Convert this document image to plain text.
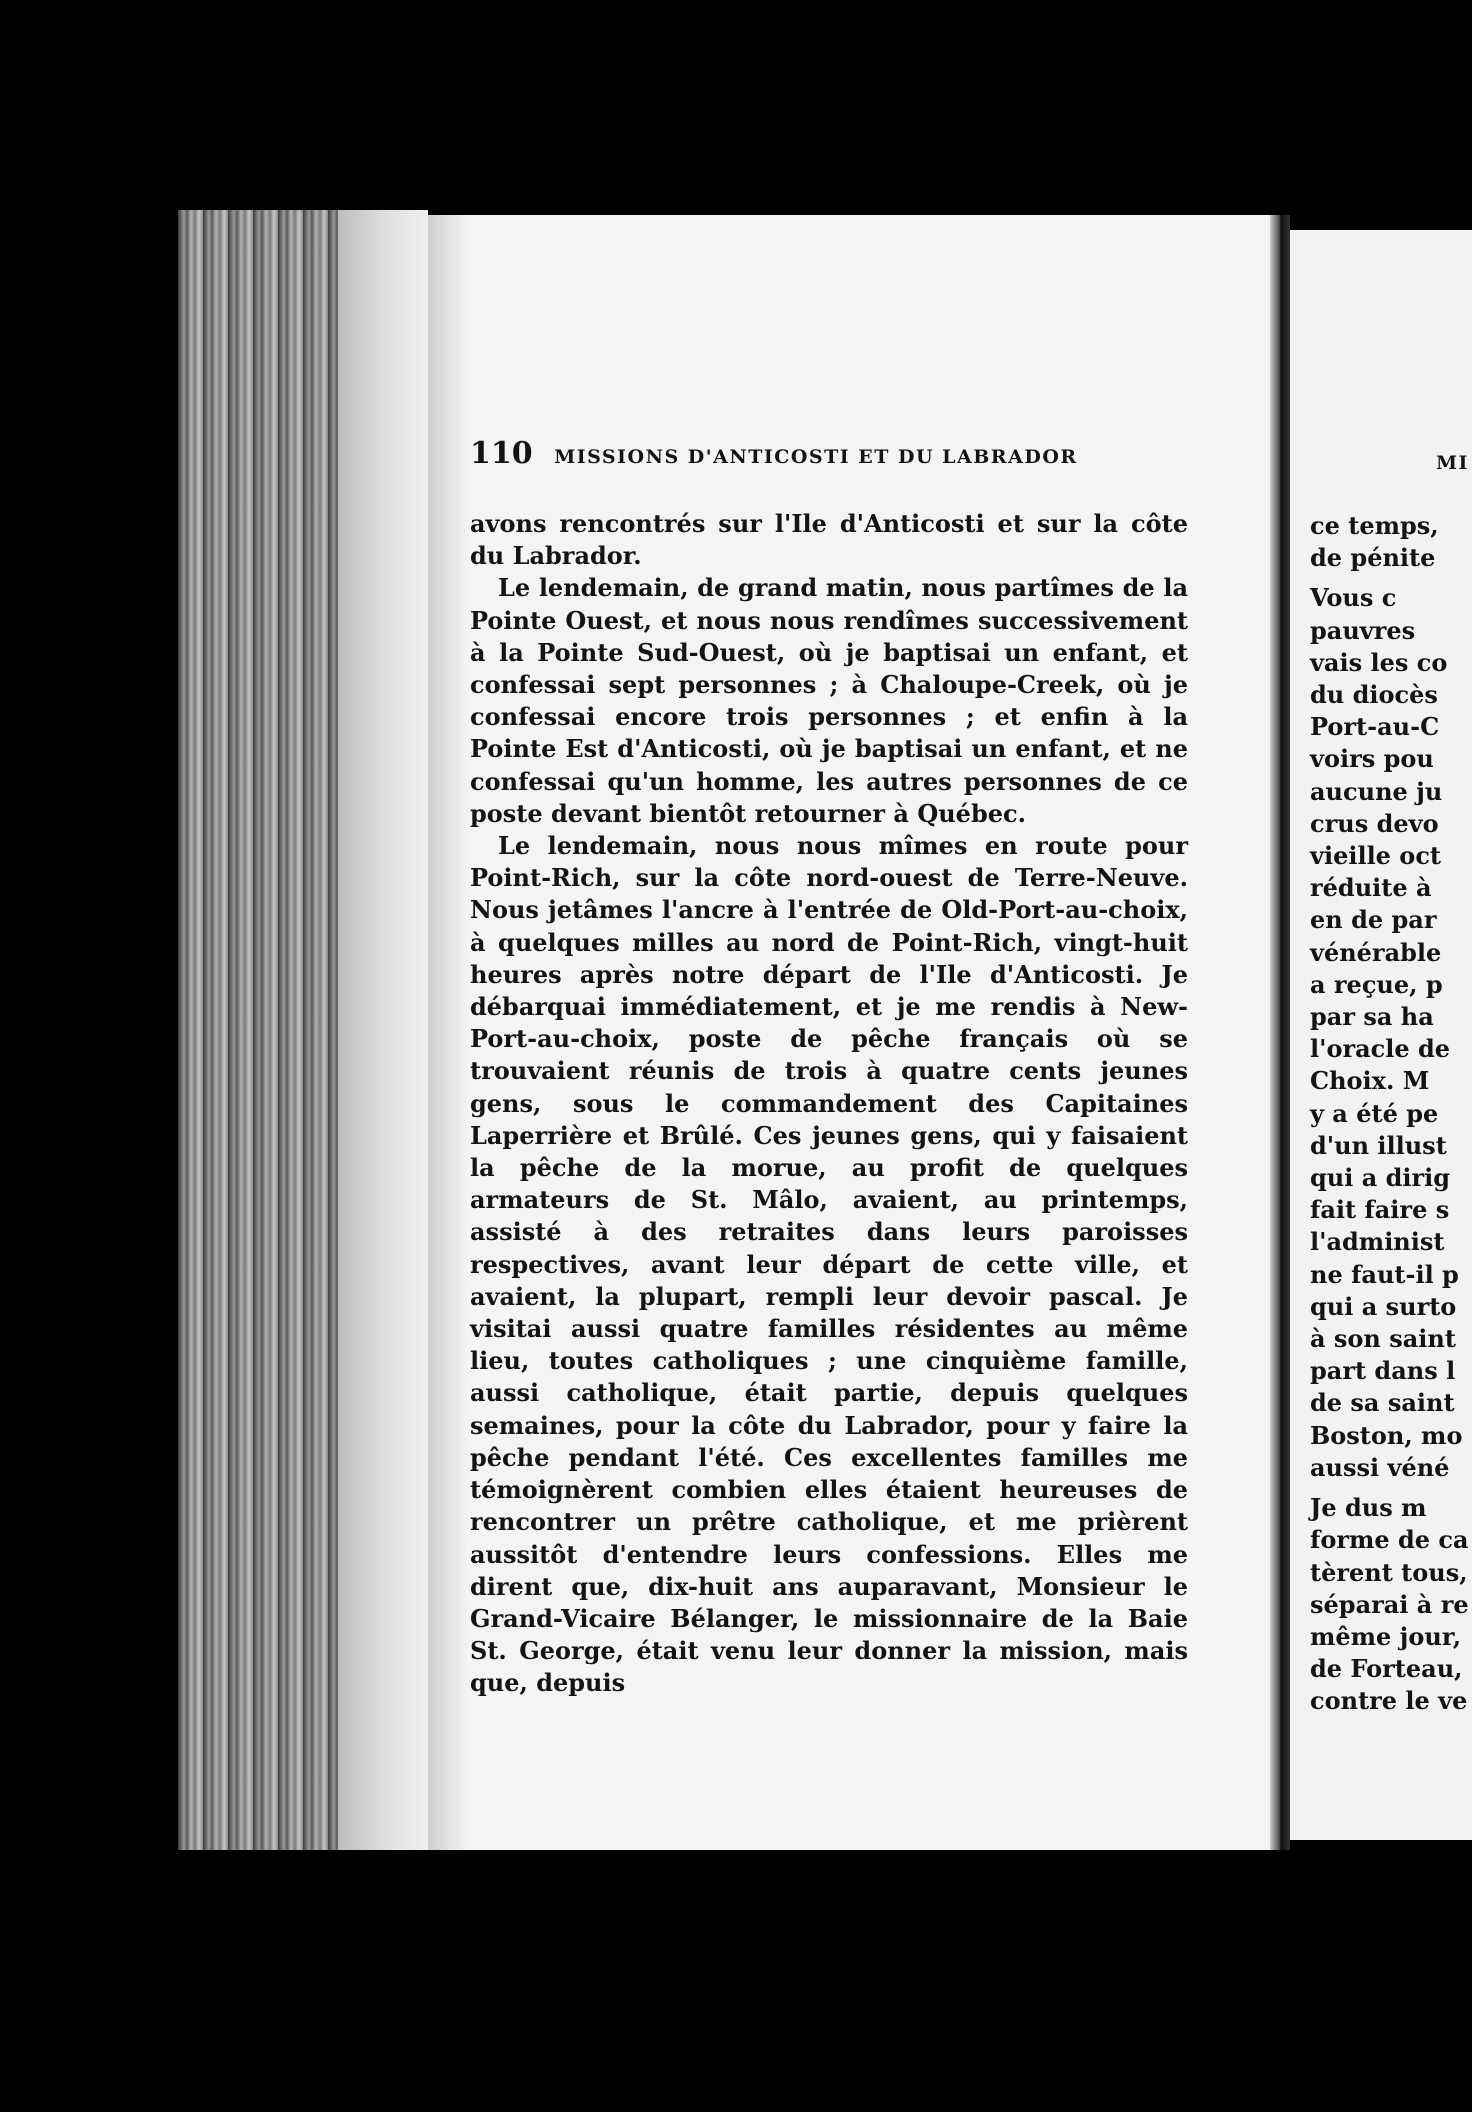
MI
ce temps,
de pénite
Vous c
pauvres
vais les co
du diocès
Port-au-C
voirs pou
aucune ju
crus devo
vieille oct
réduite à
en de par
vénérable
a reçue, p
par sa ha
l'oracle de
Choix. M
y a été pe
d'un illust
qui a dirig
fait faire s
l'administ
ne faut-il p
qui a surto
à son saint
part dans l
de sa saint
Boston, mo
aussi véné
Je dus m
forme de ca
tèrent tous,
séparai à re
même jour,
de Forteau,
contre le ve
110 MISSIONS D'ANTICOSTI ET DU LABRADOR

avons rencontrés sur l'Ile d'Anticosti et sur la côte du Labrador.

Le lendemain, de grand matin, nous partîmes de la Pointe Ouest, et nous nous rendîmes successivement à la Pointe Sud-Ouest, où je baptisai un enfant, et confessai sept personnes ; à Chaloupe-Creek, où je confessai encore trois personnes ; et enfin à la Pointe Est d'Anticosti, où je baptisai un enfant, et ne confessai qu'un homme, les autres personnes de ce poste devant bientôt retourner à Québec.

Le lendemain, nous nous mîmes en route pour Point-Rich, sur la côte nord-ouest de Terre-Neuve. Nous jetâmes l'ancre à l'entrée de Old-Port-au-choix, à quelques milles au nord de Point-Rich, vingt-huit heures après notre départ de l'Ile d'Anticosti. Je débarquai immédiatement, et je me rendis à New-Port-au-choix, poste de pêche français où se trouvaient réunis de trois à quatre cents jeunes gens, sous le commandement des Capitaines Laperrière et Brûlé. Ces jeunes gens, qui y faisaient la pêche de la morue, au profit de quelques armateurs de St. Mâlo, avaient, au printemps, assisté à des retraites dans leurs paroisses respectives, avant leur départ de cette ville, et avaient, la plupart, rempli leur devoir pascal. Je visitai aussi quatre familles résidentes au même lieu, toutes catholiques ; une cinquième famille, aussi catholique, était partie, depuis quelques semaines, pour la côte du Labrador, pour y faire la pêche pendant l'été. Ces excellentes familles me témoignèrent combien elles étaient heureuses de rencontrer un prêtre catholique, et me prièrent aussitôt d'entendre leurs confessions. Elles me dirent que, dix-huit ans auparavant, Monsieur le Grand-Vicaire Bélanger, le missionnaire de la Baie St. George, était venu leur donner la mission, mais que, depuis
